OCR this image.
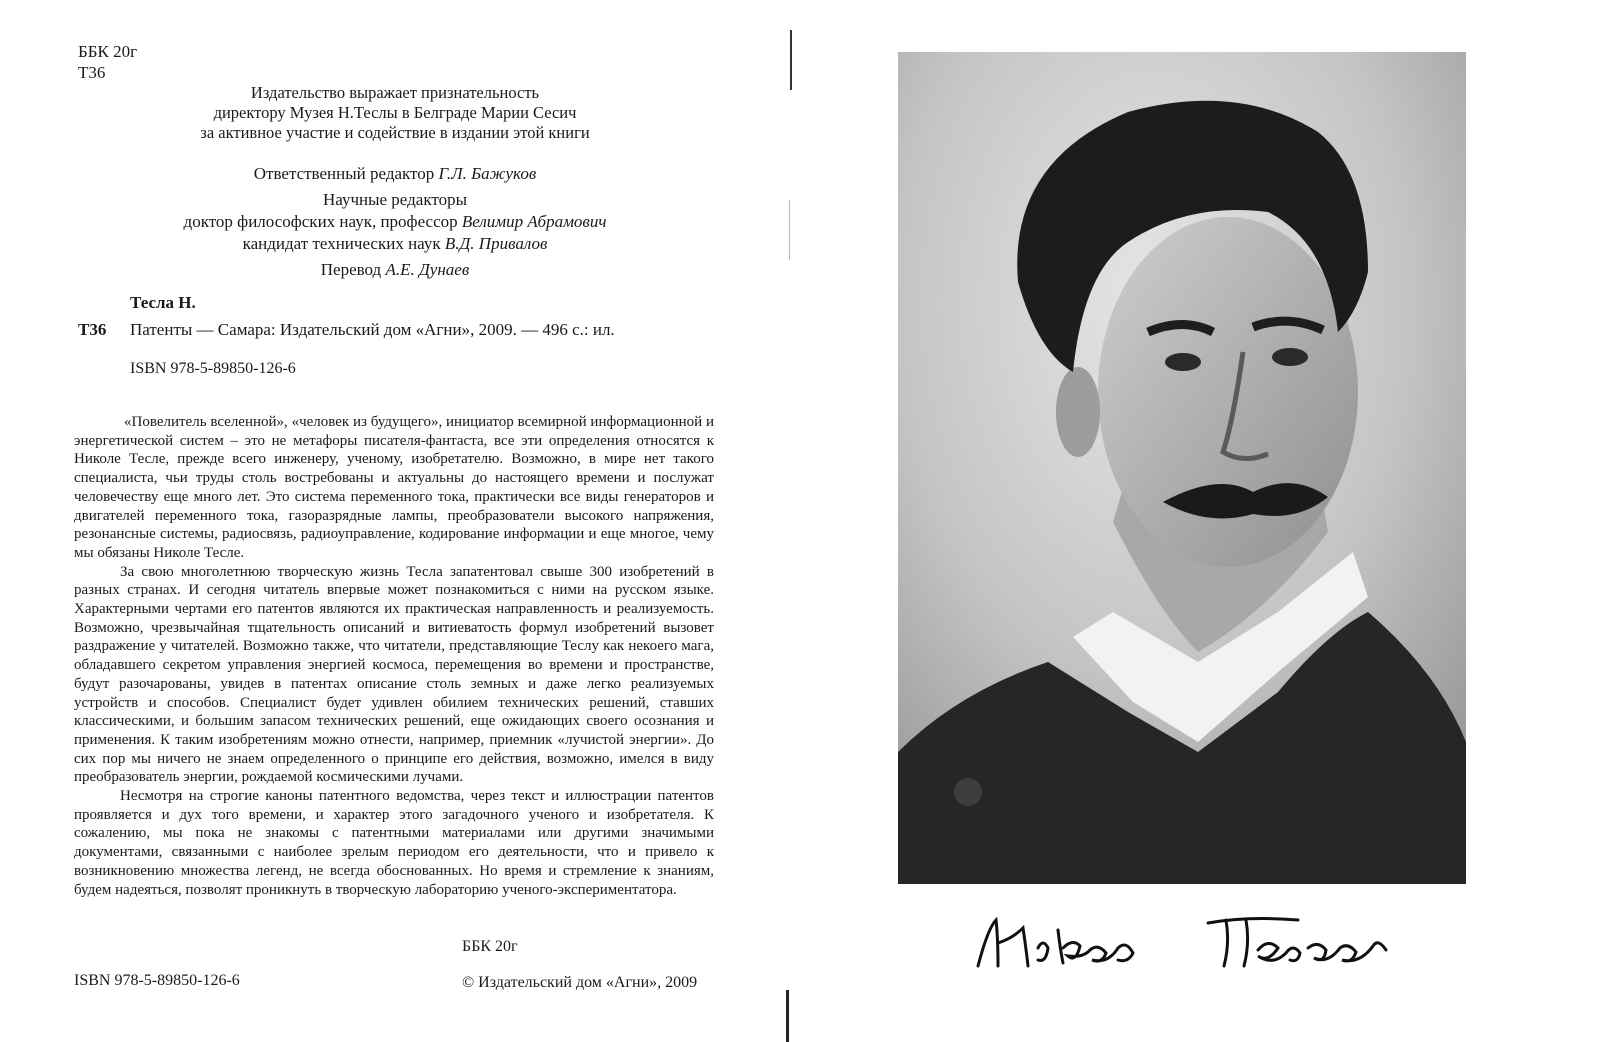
ББК 20г
Т36
Издательство выражает признательность
директору Музея Н.Теслы в Белграде Марии Сесич
за активное участие и содействие в издании этой книги
Ответственный редактор Г.Л. Бажуков
Научные редакторы
доктор философских наук, профессор Велимир Абрамович
кандидат технических наук В.Д. Привалов
Перевод А.Е. Дунаев
Тесла Н.
Т36 Патенты — Самара: Издательский дом «Агни», 2009. — 496 с.: ил.
ISBN 978-5-89850-126-6

«Повелитель вселенной», «человек из будущего», инициатор всемирной информационной и энергетической систем – это не метафоры писателя-фантаста, все эти определения относятся к Николе Тесле, прежде всего инженеру, ученому, изобретателю. Возможно, в мире нет такого специалиста, чьи труды столь востребованы и актуальны до настоящего времени и послужат человечеству еще много лет. Это система переменного тока, практически все виды генераторов и двигателей переменного тока, газоразрядные лампы, преобразователи высокого напряжения, резонансные системы, радиосвязь, радиоуправление, кодирование информации и еще многое, чему мы обязаны Николе Тесле.

За свою многолетнюю творческую жизнь Тесла запатентовал свыше 300 изобретений в разных странах. И сегодня читатель впервые может познакомиться с ними на русском языке. Характерными чертами его патентов являются их практическая направленность и реализуемость. Возможно, чрезвычайная тщательность описаний и витиеватость формул изобретений вызовет раздражение у читателей. Возможно также, что читатели, представляющие Теслу как некоего мага, обладавшего секретом управления энергией космоса, перемещения во времени и пространстве, будут разочарованы, увидев в патентах описание столь земных и даже легко реализуемых устройств и способов. Специалист будет удивлен обилием технических решений, ставших классическими, и большим запасом технических решений, еще ожидающих своего осознания и применения. К таким изобретениям можно отнести, например, приемник «лучистой энергии». До сих пор мы ничего не знаем определенного о принципе его действия, возможно, имелся в виду преобразователь энергии, рождаемой космическими лучами.

Несмотря на строгие каноны патентного ведомства, через текст и иллюстрации патентов проявляется и дух того времени, и характер этого загадочного ученого и изобретателя. К сожалению, мы пока не знакомы с патентными материалами или другими значимыми документами, связанными с наиболее зрелым периодом его деятельности, что и привело к возникновению множества легенд, не всегда обоснованных. Но время и стремление к знаниям, будем надеяться, позволят проникнуть в творческую лабораторию ученого-экспериментатора.

ББК 20г
ISBN 978-5-89850-126-6	© Издательский дом «Агни», 2009
